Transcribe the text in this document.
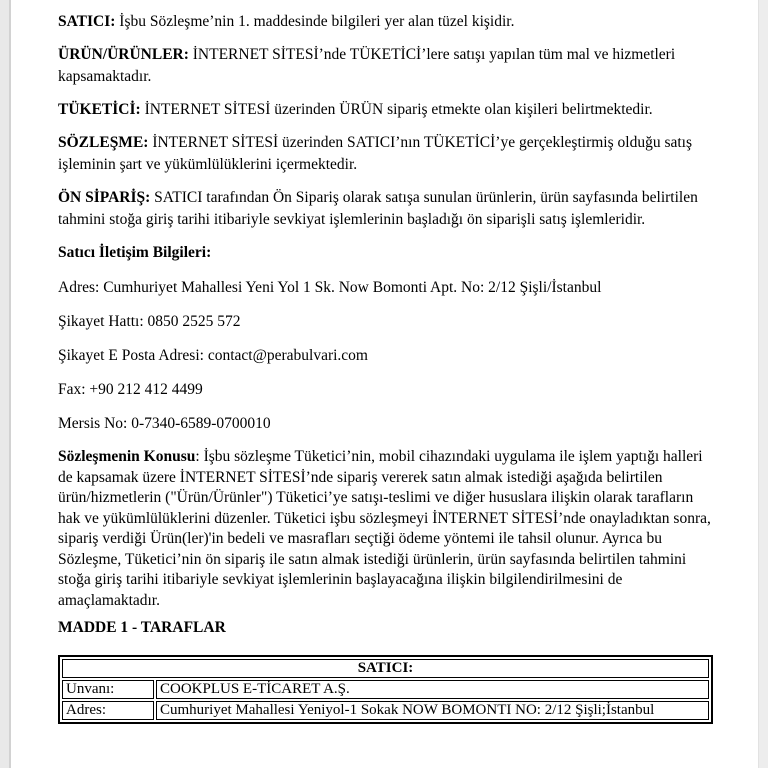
SATICI: İşbu Sözleşme’nin 1. maddesinde bilgileri yer alan tüzel kişidir.

ÜRÜN/ÜRÜNLER: İNTERNET SİTESİ’nde TÜKETİCİ’lere satışı yapılan tüm mal ve hizmetleri kapsamaktadır.

TÜKETİCİ: İNTERNET SİTESİ üzerinden ÜRÜN sipariş etmekte olan kişileri belirtmektedir.

SÖZLEŞME: İNTERNET SİTESİ üzerinden SATICI’nın TÜKETİCİ’ye gerçekleştirmiş olduğu satış işleminin şart ve yükümlülüklerini içermektedir.

ÖN SİPARİŞ: SATICI tarafından Ön Sipariş olarak satışa sunulan ürünlerin, ürün sayfasında belirtilen tahmini stoğa giriş tarihi itibariyle sevkiyat işlemlerinin başladığı ön siparişli satış işlemleridir.

Satıcı İletişim Bilgileri:

Adres: Cumhuriyet Mahallesi Yeni Yol 1 Sk. Now Bomonti Apt. No: 2/12 Şişli/İstanbul

Şikayet Hattı: 0850 2525 572

Şikayet E Posta Adresi: contact@perabulvari.com

Fax: +90 212 412 4499

Mersis No: 0-7340-6589-0700010

Sözleşmenin Konusu: İşbu sözleşme Tüketici’nin, mobil cihazındaki uygulama ile işlem yaptığı halleri de kapsamak üzere İNTERNET SİTESİ’nde sipariş vererek satın almak istediği aşağıda belirtilen ürün/hizmetlerin ("Ürün/Ürünler") Tüketici’ye satışı-teslimi ve diğer hususlara ilişkin olarak tarafların hak ve yükümlülüklerini düzenler. Tüketici işbu sözleşmeyi İNTERNET SİTESİ’nde onayladıktan sonra, sipariş verdiği Ürün(ler)'in bedeli ve masrafları seçtiği ödeme yöntemi ile tahsil olunur. Ayrıca bu Sözleşme, Tüketici’nin ön sipariş ile satın almak istediği ürünlerin, ürün sayfasında belirtilen tahmini stoğa giriş tarihi itibariyle sevkiyat işlemlerinin başlayacağına ilişkin bilgilendirilmesini de amaçlamaktadır.

MADDE 1 - TARAFLAR

SATICI:	
Unvanı:	COOKPLUS E-TİCARET A.Ş.
Adres:	Cumhuriyet Mahallesi Yeniyol-1 Sokak NOW BOMONTI NO: 2/12 Şişli;İstanbul
